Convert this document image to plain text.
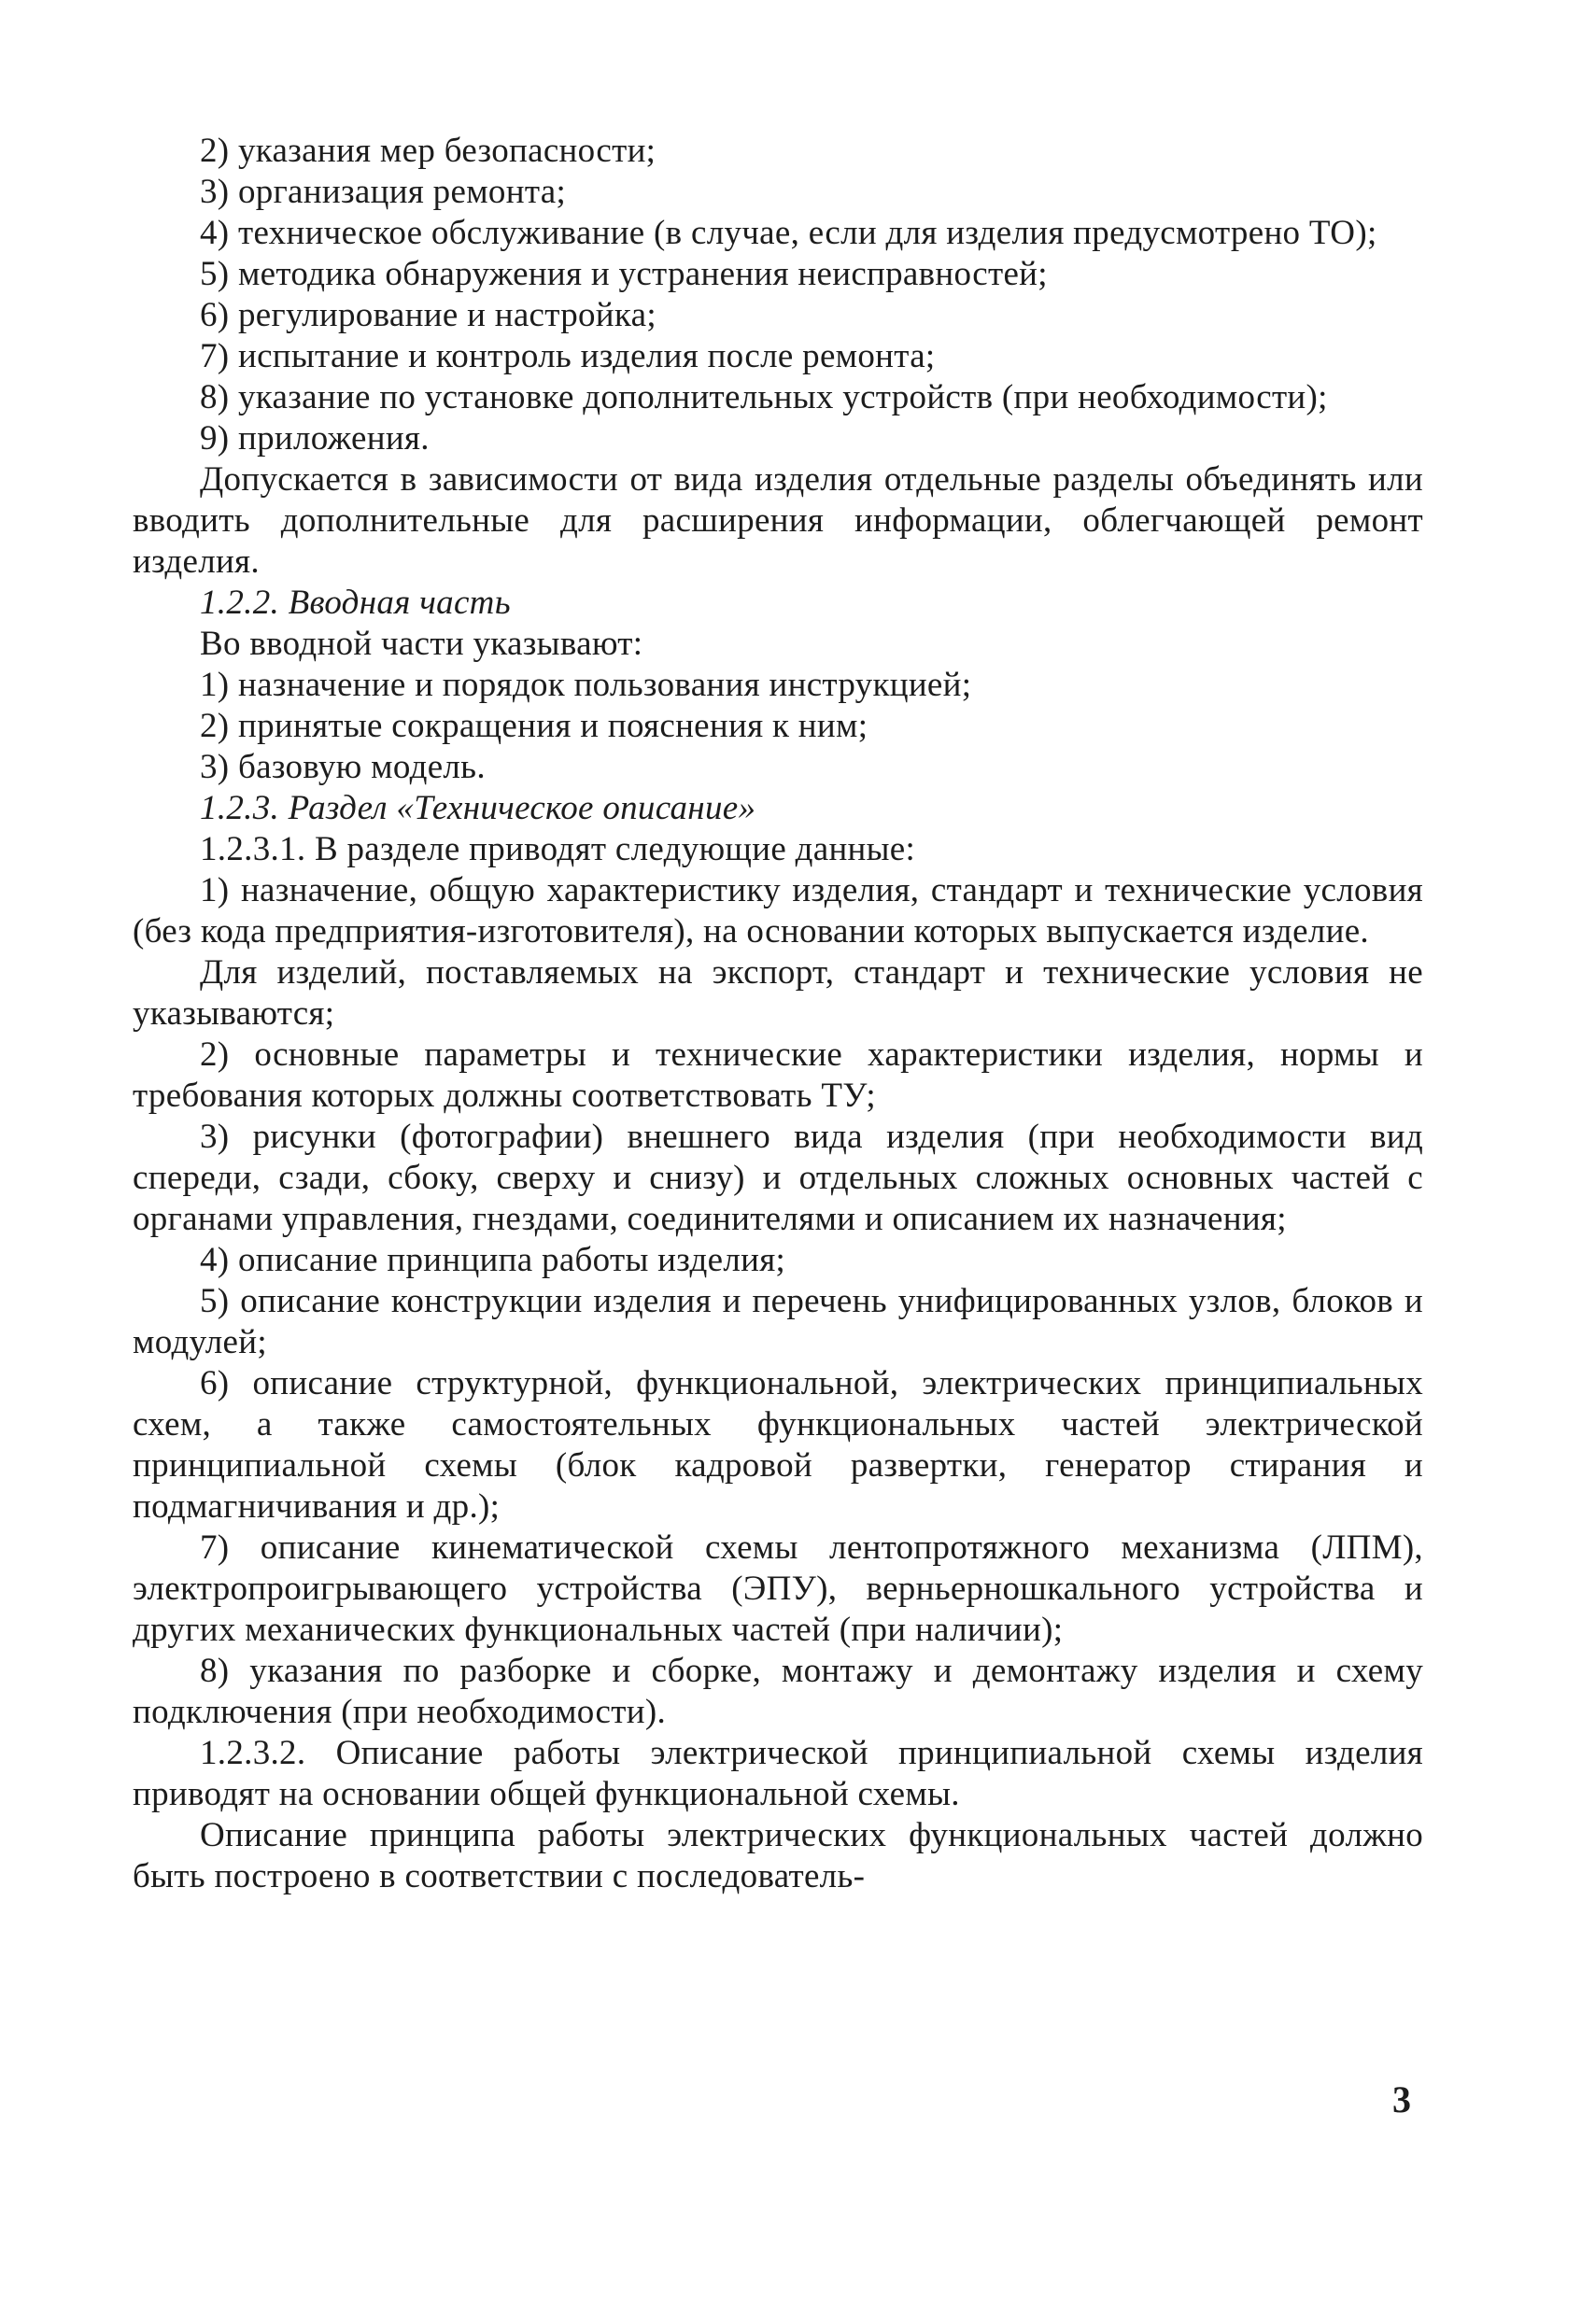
2) указания мер безопасности;

3) организация ремонта;

4) техническое обслуживание (в случае, если для изделия предусмотрено ТО);

5) методика обнаружения и устранения неисправностей;

6) регулирование и настройка;

7) испытание и контроль изделия после ремонта;

8) указание по установке дополнительных устройств (при необходимости);

9) приложения.

Допускается в зависимости от вида изделия отдельные разделы объединять или вводить дополнительные для расширения информации, облегчающей ремонт изделия.

1.2.2. Вводная часть

Во вводной части указывают:

1) назначение и порядок пользования инструкцией;

2) принятые сокращения и пояснения к ним;

3) базовую модель.

1.2.3. Раздел «Техническое описание»

1.2.3.1. В разделе приводят следующие данные:

1) назначение, общую характеристику изделия, стандарт и технические условия (без кода предприятия-изготовителя), на основании которых выпускается изделие.

Для изделий, поставляемых на экспорт, стандарт и технические условия не указываются;

2) основные параметры и технические характеристики изделия, нормы и требования которых должны соответствовать ТУ;

3) рисунки (фотографии) внешнего вида изделия (при необходимости вид спереди, сзади, сбоку, сверху и снизу) и отдельных сложных основных частей с органами управления, гнездами, соединителями и описанием их назначения;

4) описание принципа работы изделия;

5) описание конструкции изделия и перечень унифицированных узлов, блоков и модулей;

6) описание структурной, функциональной, электрических принципиальных схем, а также самостоятельных функциональных частей электрической принципиальной схемы (блок кадровой развертки, генератор стирания и подмагничивания и др.);

7) описание кинематической схемы лентопротяжного механизма (ЛПМ), электропроигрывающего устройства (ЭПУ), верньерношкального устройства и других механических функциональных частей (при наличии);

8) указания по разборке и сборке, монтажу и демонтажу изделия и схему подключения (при необходимости).

1.2.3.2. Описание работы электрической принципиальной схемы изделия приводят на основании общей функциональной схемы.

Описание принципа работы электрических функциональных частей должно быть построено в соответствии с последователь-

3
